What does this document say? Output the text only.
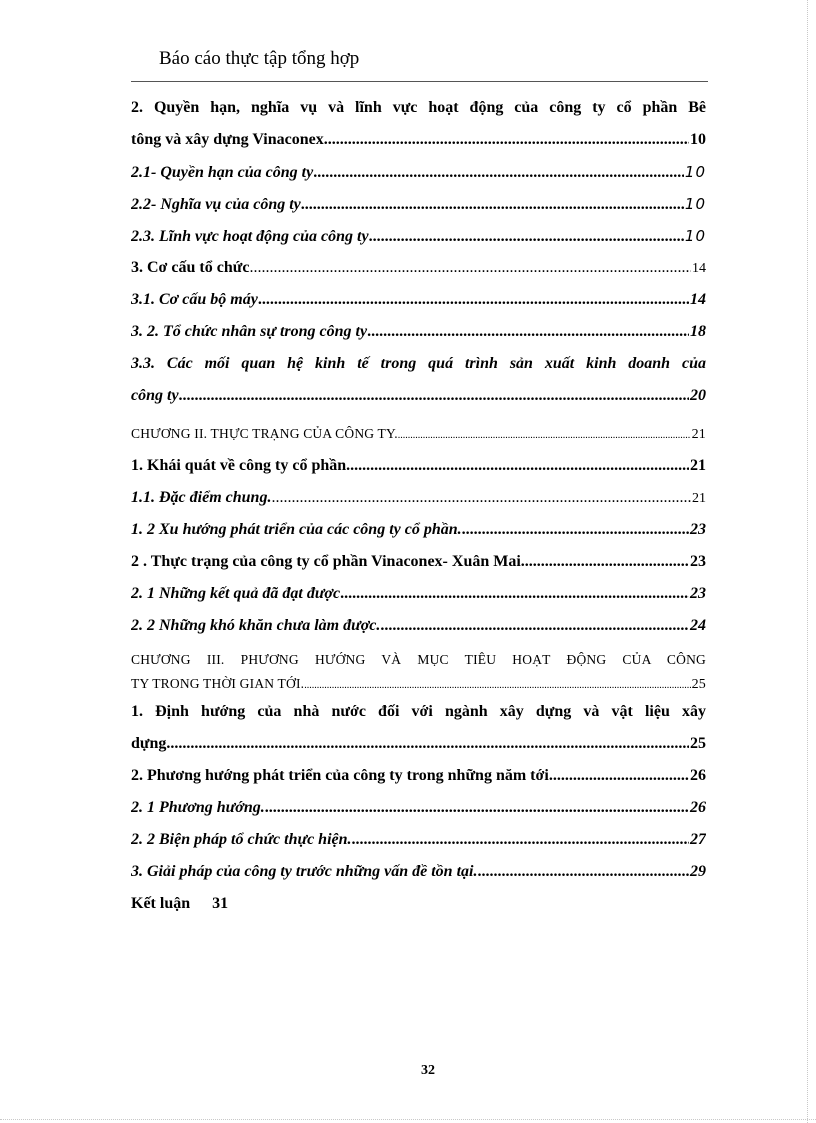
Báo cáo thực tập tổng hợp
2. Quyền hạn, nghĩa vụ và lĩnh vực hoạt động của công ty cổ phần Bê
tông và xây dựng Vinaconex. .....	10
2.1- Quyền hạn của công ty .....	10
2.2- Nghĩa vụ của công ty .....	10
2.3. Lĩnh vực hoạt động của công ty .....	10
3. Cơ cấu tổ chức .....	14
3.1. Cơ cấu bộ máy .....	14
3. 2. Tổ chức nhân sự trong công ty .....	18
3.3. Các mối quan hệ kinh tế trong quá trình sản xuất kinh doanh của
công ty .....	20
CHƯƠNG II. THỰC TRẠNG CỦA CÔNG TY. .....	21
1. Khái quát về công ty cổ phần. .....	21
1.1. Đặc điểm chung. .....	21
1. 2 Xu hướng phát triển của các công ty cổ phần. .....	23
2 . Thực trạng của công ty cổ phần Vinaconex- Xuân Mai .....	23
2. 1 Những kết quả đã đạt được .....	23
2. 2 Những khó khăn chưa làm được. .....	24
CHƯƠNG III. PHƯƠNG HƯỚNG VÀ MỤC TIÊU HOẠT ĐỘNG CỦA CÔNG
TY TRONG THỜI GIAN TỚI. .....	25
1. Định hướng của nhà nước đối với ngành xây dựng và vật liệu xây
dựng. .....	25
2. Phương hướng phát triển của công ty trong những năm tới. .....	26
2. 1 Phương hướng. .....	26
2. 2 Biện pháp tổ chức thực hiện. .....	27
3. Giải pháp của công ty trước những vấn đề tồn tại. .....	29
Kết luận 31
32
